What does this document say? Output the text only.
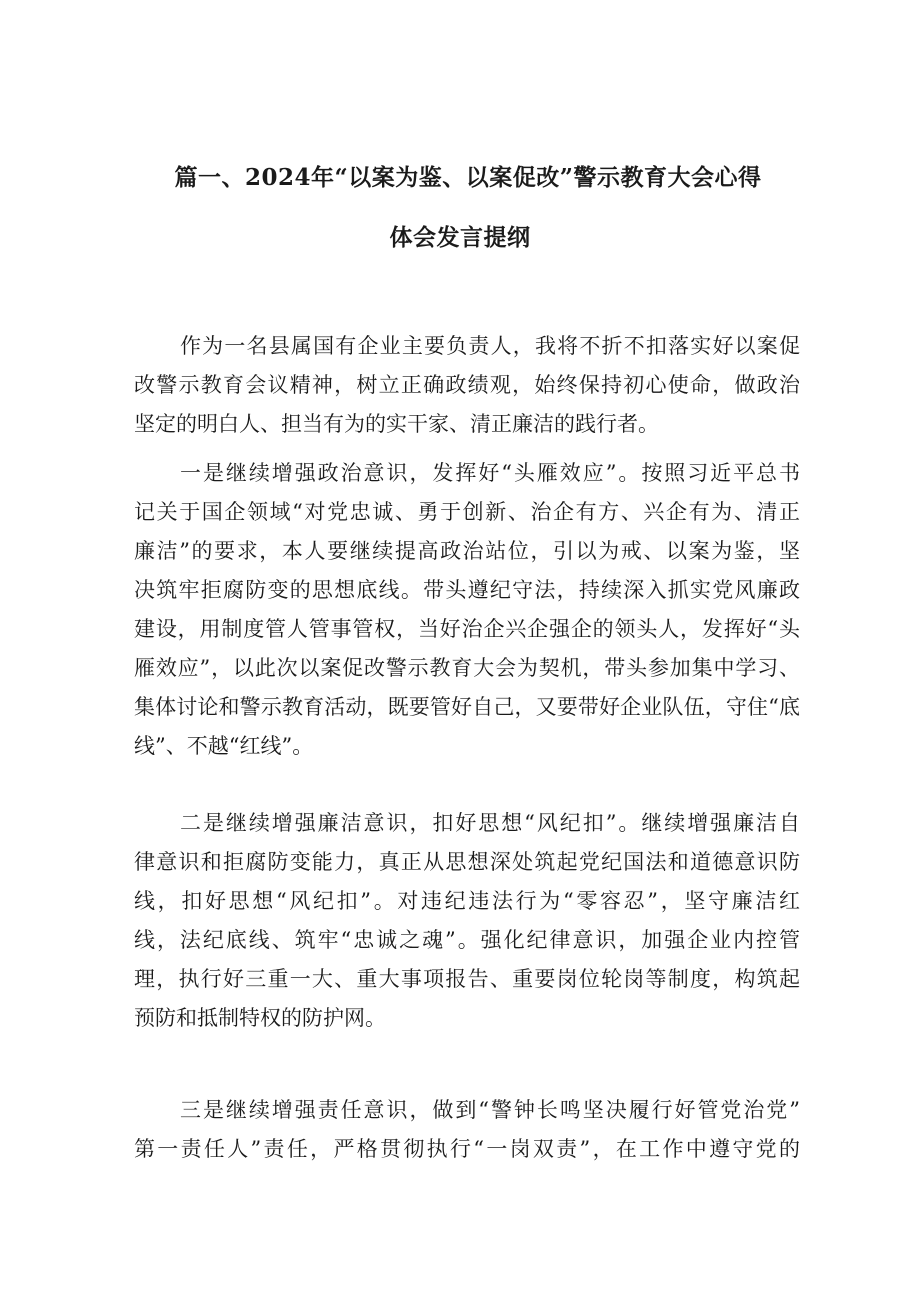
篇一、2024年“以案为鉴、以案促改”警示教育大会心得
体会发言提纲
作为一名县属国有企业主要负责人，我将不折不扣落实好以案促
改警示教育会议精神，树立正确政绩观，始终保持初心使命，做政治
坚定的明白人、担当有为的实干家、清正廉洁的践行者。
一是继续增强政治意识，发挥好“头雁效应”。按照习近平总书
记关于国企领域“对党忠诚、勇于创新、治企有方、兴企有为、清正
廉洁”的要求，本人要继续提高政治站位，引以为戒、以案为鉴，坚
决筑牢拒腐防变的思想底线。带头遵纪守法，持续深入抓实党风廉政
建设，用制度管人管事管权，当好治企兴企强企的领头人，发挥好“头
雁效应”，以此次以案促改警示教育大会为契机，带头参加集中学习、
集体讨论和警示教育活动，既要管好自己，又要带好企业队伍，守住“底
线”、不越“红线”。
二是继续增强廉洁意识，扣好思想“风纪扣”。继续增强廉洁自
律意识和拒腐防变能力，真正从思想深处筑起党纪国法和道德意识防
线，扣好思想“风纪扣”。对违纪违法行为“零容忍”，坚守廉洁红
线，法纪底线、筑牢“忠诚之魂”。强化纪律意识，加强企业内控管
理，执行好三重一大、重大事项报告、重要岗位轮岗等制度，构筑起
预防和抵制特权的防护网。
三是继续增强责任意识，做到“警钟长鸣坚决履行好管党治党”
第一责任人”责任，严格贯彻执行“一岗双责”，在工作中遵守党的
